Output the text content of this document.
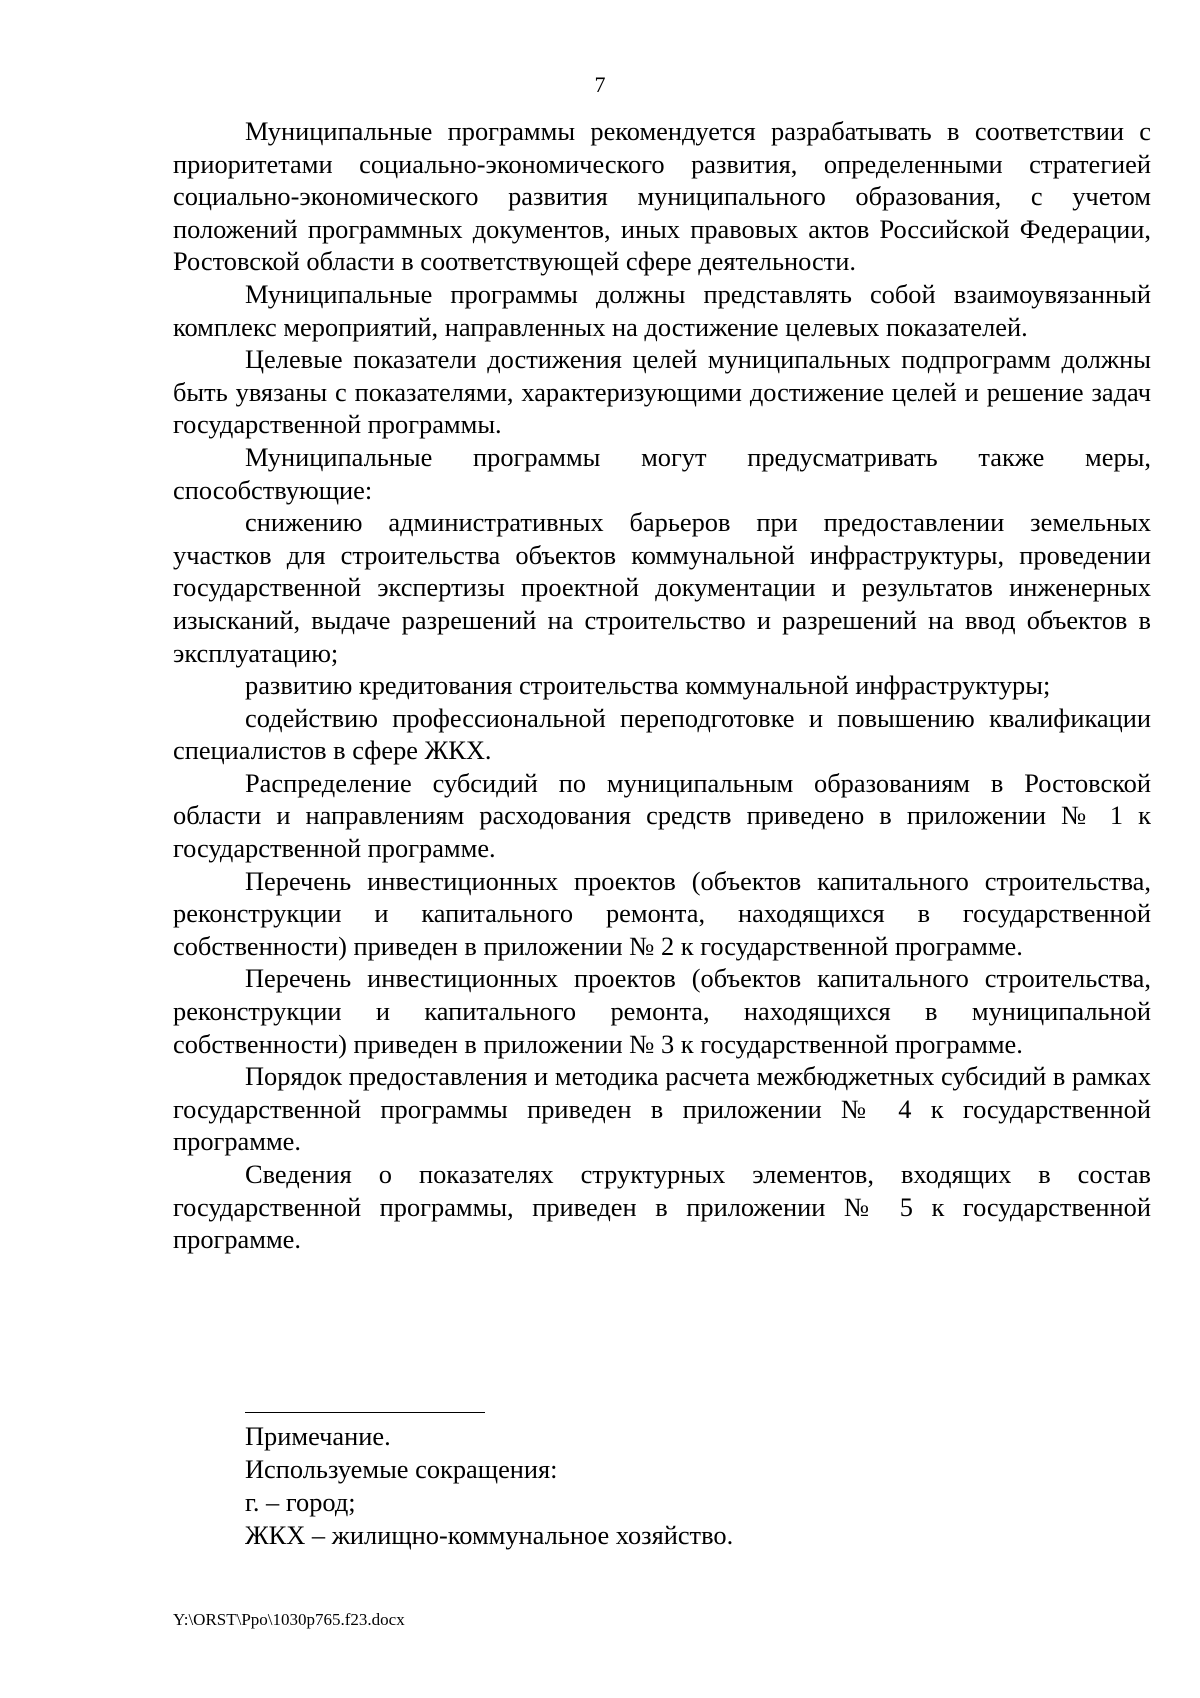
7

Муниципальные программы рекомендуется разрабатывать в соответствии с приоритетами социально-экономического развития, определенными стратегией социально-экономического развития муниципального образования, с учетом положений программных документов, иных правовых актов Российской Федерации, Ростовской области в соответствующей сфере деятельности.

Муниципальные программы должны представлять собой взаимоувязанный комплекс мероприятий, направленных на достижение целевых показателей.

Целевые показатели достижения целей муниципальных подпрограмм должны быть увязаны с показателями, характеризующими достижение целей и решение задач государственной программы.

Муниципальные программы могут предусматривать также меры, способствующие:

снижению административных барьеров при предоставлении земельных участков для строительства объектов коммунальной инфраструктуры, проведении государственной экспертизы проектной документации и результатов инженерных изысканий, выдаче разрешений на строительство и разрешений на ввод объектов в эксплуатацию;

развитию кредитования строительства коммунальной инфраструктуры;

содействию профессиональной переподготовке и повышению квалификации специалистов в сфере ЖКХ.

Распределение субсидий по муниципальным образованиям в Ростовской области и направлениям расходования средств приведено в приложении № 1 к государственной программе.

Перечень инвестиционных проектов (объектов капитального строительства, реконструкции и капитального ремонта, находящихся в государственной собственности) приведен в приложении № 2 к государственной программе.

Перечень инвестиционных проектов (объектов капитального строительства, реконструкции и капитального ремонта, находящихся в муниципальной собственности) приведен в приложении № 3 к государственной программе.

Порядок предоставления и методика расчета межбюджетных субсидий в рамках государственной программы приведен в приложении № 4 к государственной программе.

Сведения о показателях структурных элементов, входящих в состав государственной программы, приведен в приложении № 5 к государственной программе.

Примечание.
Используемые сокращения:
г. – город;
ЖКХ – жилищно-коммунальное хозяйство.
Y:\ORST\Ppo\1030p765.f23.docx
